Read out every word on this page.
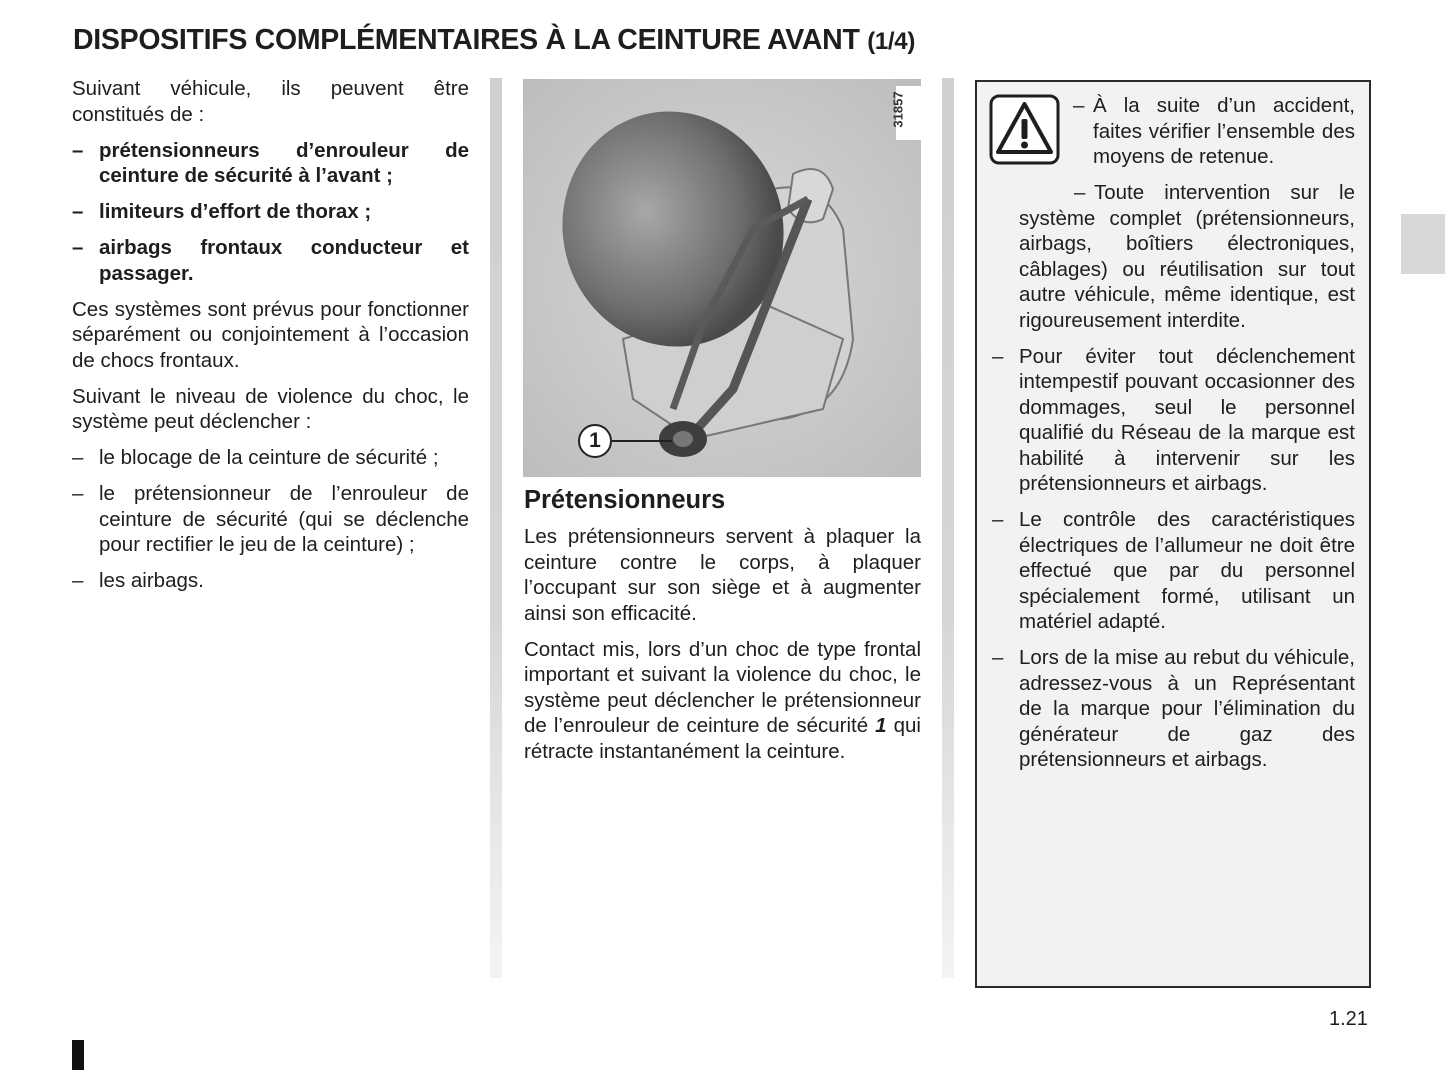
DISPOSITIFS COMPLÉMENTAIRES À LA CEINTURE AVANT (1/4)

Suivant véhicule, ils peuvent être constitués de :

– prétensionneurs d’enrouleur de ceinture de sécurité à l’avant ;
– limiteurs d’effort de thorax ;
– airbags frontaux conducteur et passager.

Ces systèmes sont prévus pour fonctionner séparément ou conjointement à l’occasion de chocs frontaux.

Suivant le niveau de violence du choc, le système peut déclencher :

– le blocage de la ceinture de sécurité ;
– le prétensionneur de l’enrouleur de ceinture de sécurité (qui se déclenche pour rectifier le jeu de la ceinture) ;
– les airbags.
31857
1
Prétensionneurs

Les prétensionneurs servent à plaquer la ceinture contre le corps, à plaquer l’occupant sur son siège et à augmenter ainsi son efficacité.

Contact mis, lors d’un choc de type frontal important et suivant la violence du choc, le système peut déclencher le prétensionneur de l’enrouleur de ceinture de sécurité 1 qui rétracte instantanément la ceinture.

– À la suite d’un accident, faites vérifier l’ensemble des moyens de retenue.
– Toute intervention sur le système complet (prétensionneurs, airbags, boîtiers électroniques, câblages) ou réutilisation sur tout autre véhicule, même identique, est rigoureusement interdite.
– Pour éviter tout déclenchement intempestif pouvant occasionner des dommages, seul le personnel qualifié du Réseau de la marque est habilité à intervenir sur les prétensionneurs et airbags.
– Le contrôle des caractéristiques électriques de l’allumeur ne doit être effectué que par du personnel spécialement formé, utilisant un matériel adapté.
– Lors de la mise au rebut du véhicule, adressez-vous à un Représentant de la marque pour l’élimination du générateur de gaz des prétensionneurs et airbags.
1.21
